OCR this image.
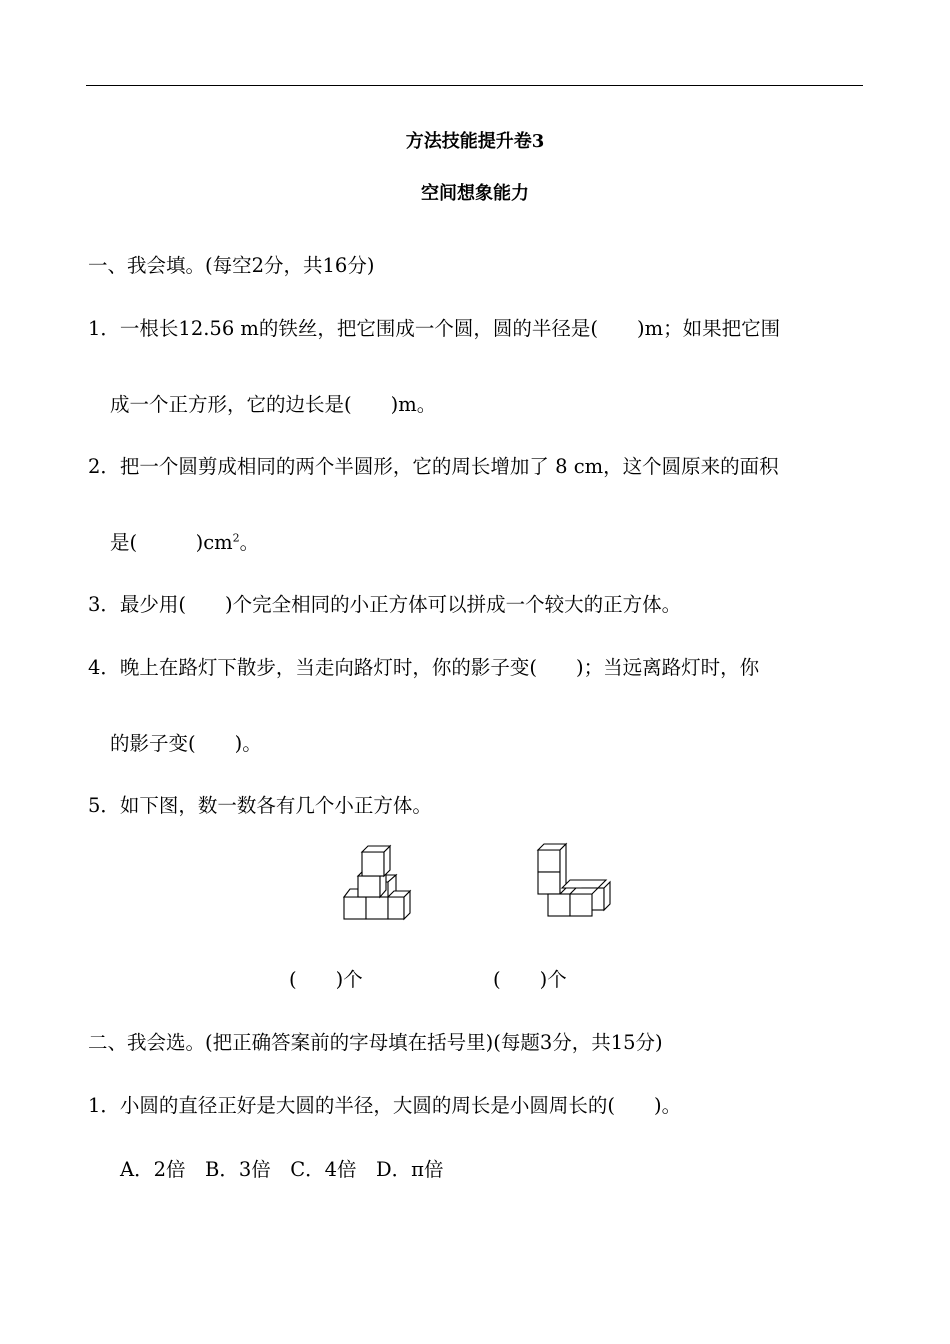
方法技能提升卷3
空间想象能力
一、我会填。(每空2分，共16分)
1．一根长12.56 m的铁丝，把它围成一个圆，圆的半径是(　　)m；如果把它围
成一个正方形，它的边长是(　　)m。
2．把一个圆剪成相同的两个半圆形，它的周长增加了 8 cm，这个圆原来的面积
是(　　　)$cm^2$。
3．最少用(　　)个完全相同的小正方体可以拼成一个较大的正方体。
4．晚上在路灯下散步，当走向路灯时，你的影子变(　　)；当远离路灯时，你
的影子变(　　)。
5．如下图，数一数各有几个小正方体。
(　　)个	(　　)个
二、我会选。(把正确答案前的字母填在括号里)(每题3分，共15分)
1．小圆的直径正好是大圆的半径，大圆的周长是小圆周长的(　　)。
A．2倍　B．3倍　C．4倍　D．π倍
